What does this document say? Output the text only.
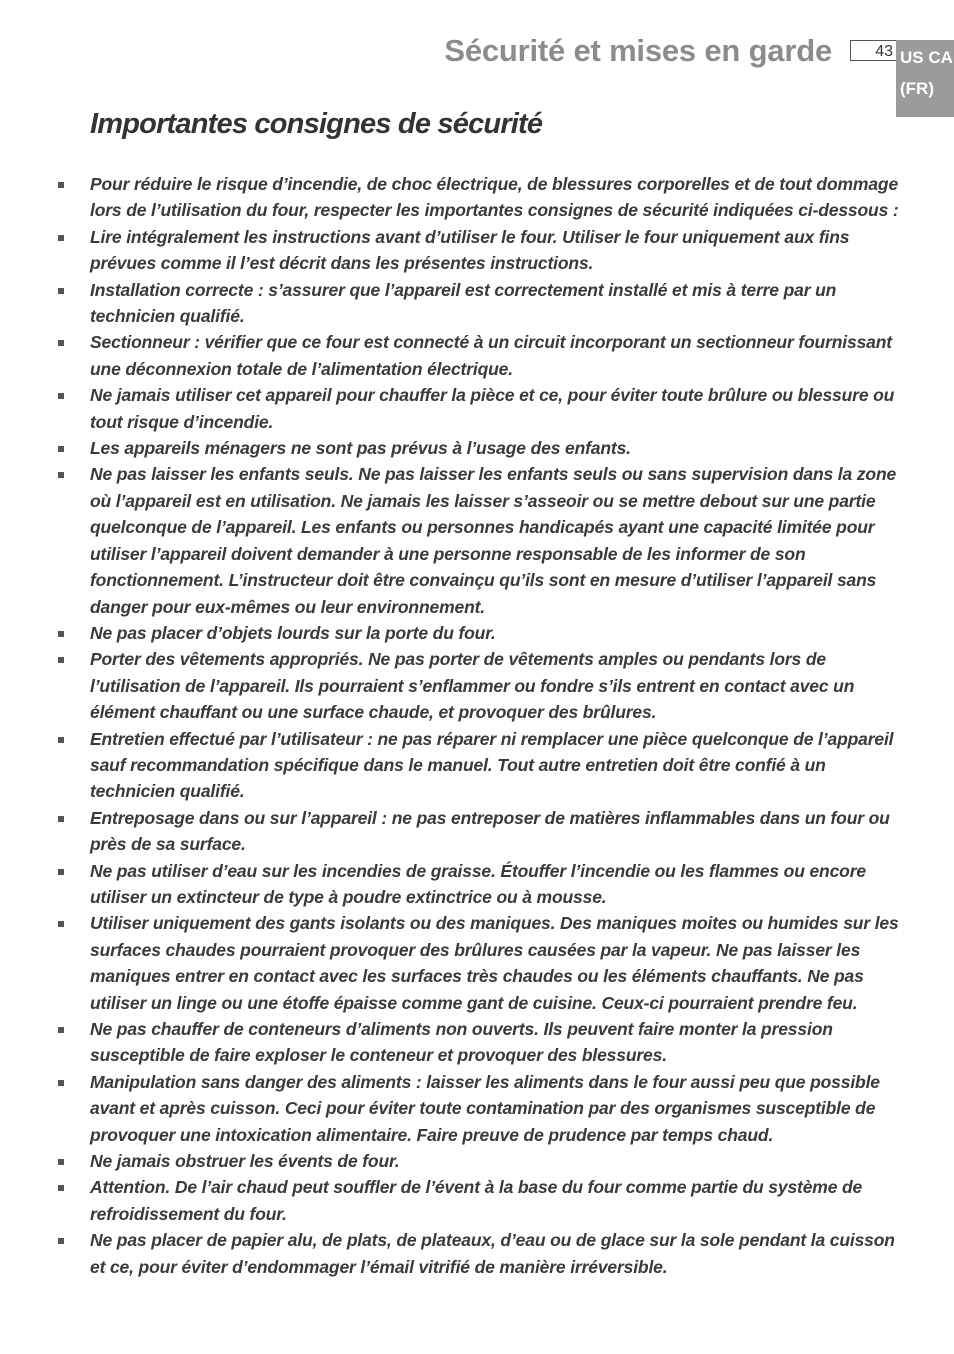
Sécurité et mises en garde	43 US CA
(FR)
Importantes consignes de sécurité
Pour réduire le risque d’incendie, de choc électrique, de blessures corporelles et de tout dommage lors de l’utilisation du four, respecter les importantes consignes de sécurité indiquées ci-dessous :
Lire intégralement les instructions avant d’utiliser le four. Utiliser le four uniquement aux fins prévues comme il l’est décrit dans les présentes instructions.
Installation correcte : s’assurer que l’appareil est correctement installé et mis à terre par un technicien qualifié.
Sectionneur : vérifier que ce four est connecté à un circuit incorporant un sectionneur fournissant une déconnexion totale de l’alimentation électrique.
Ne jamais utiliser cet appareil pour chauffer la pièce et ce, pour éviter toute brûlure ou blessure ou tout risque d’incendie.
Les appareils ménagers ne sont pas prévus à l’usage des enfants.
Ne pas laisser les enfants seuls. Ne pas laisser les enfants seuls ou sans supervision dans la zone où l’appareil est en utilisation. Ne jamais les laisser s’asseoir ou se mettre debout sur une partie quelconque de l’appareil. Les enfants ou personnes handicapés ayant une capacité limitée pour utiliser l’appareil doivent demander à une personne responsable de les informer de son fonctionnement. L’instructeur doit être convainçu qu’ils sont en mesure d’utiliser l’appareil sans danger pour eux-mêmes ou leur environnement.
Ne pas placer d’objets lourds sur la porte du four.
Porter des vêtements appropriés. Ne pas porter de vêtements amples ou pendants lors de l’utilisation de l’appareil. Ils pourraient s’enflammer ou fondre s’ils entrent en contact avec un élément chauffant ou une surface chaude, et provoquer des brûlures.
Entretien effectué par l’utilisateur : ne pas réparer ni remplacer une pièce quelconque de l’appareil sauf recommandation spécifique dans le manuel. Tout autre entretien doit être confié à un technicien qualifié.
Entreposage dans ou sur l’appareil : ne pas entreposer de matières inflammables dans un four ou près de sa surface.
Ne pas utiliser d’eau sur les incendies de graisse. Étouffer l’incendie ou les flammes ou encore utiliser un extincteur de type à poudre extinctrice ou à mousse.
Utiliser uniquement des gants isolants ou des maniques. Des maniques moites ou humides sur les surfaces chaudes pourraient provoquer des brûlures causées par la vapeur. Ne pas laisser les maniques entrer en contact avec les surfaces très chaudes ou les éléments chauffants. Ne pas utiliser un linge ou une étoffe épaisse comme gant de cuisine. Ceux-ci pourraient prendre feu.
Ne pas chauffer de conteneurs d’aliments non ouverts. Ils peuvent faire monter la pression susceptible de faire exploser le conteneur et provoquer des blessures.
Manipulation sans danger des aliments : laisser les aliments dans le four aussi peu que possible avant et après cuisson. Ceci pour éviter toute contamination par des organismes susceptible de provoquer une intoxication alimentaire. Faire preuve de prudence par temps chaud.
Ne jamais obstruer les évents de four.
Attention. De l’air chaud peut souffler de l’évent à la base du four comme partie du système de refroidissement du four.
Ne pas placer de papier alu, de plats, de plateaux, d’eau ou de glace sur la sole pendant la cuisson et ce, pour éviter d’endommager l’émail vitrifié de manière irréversible.
